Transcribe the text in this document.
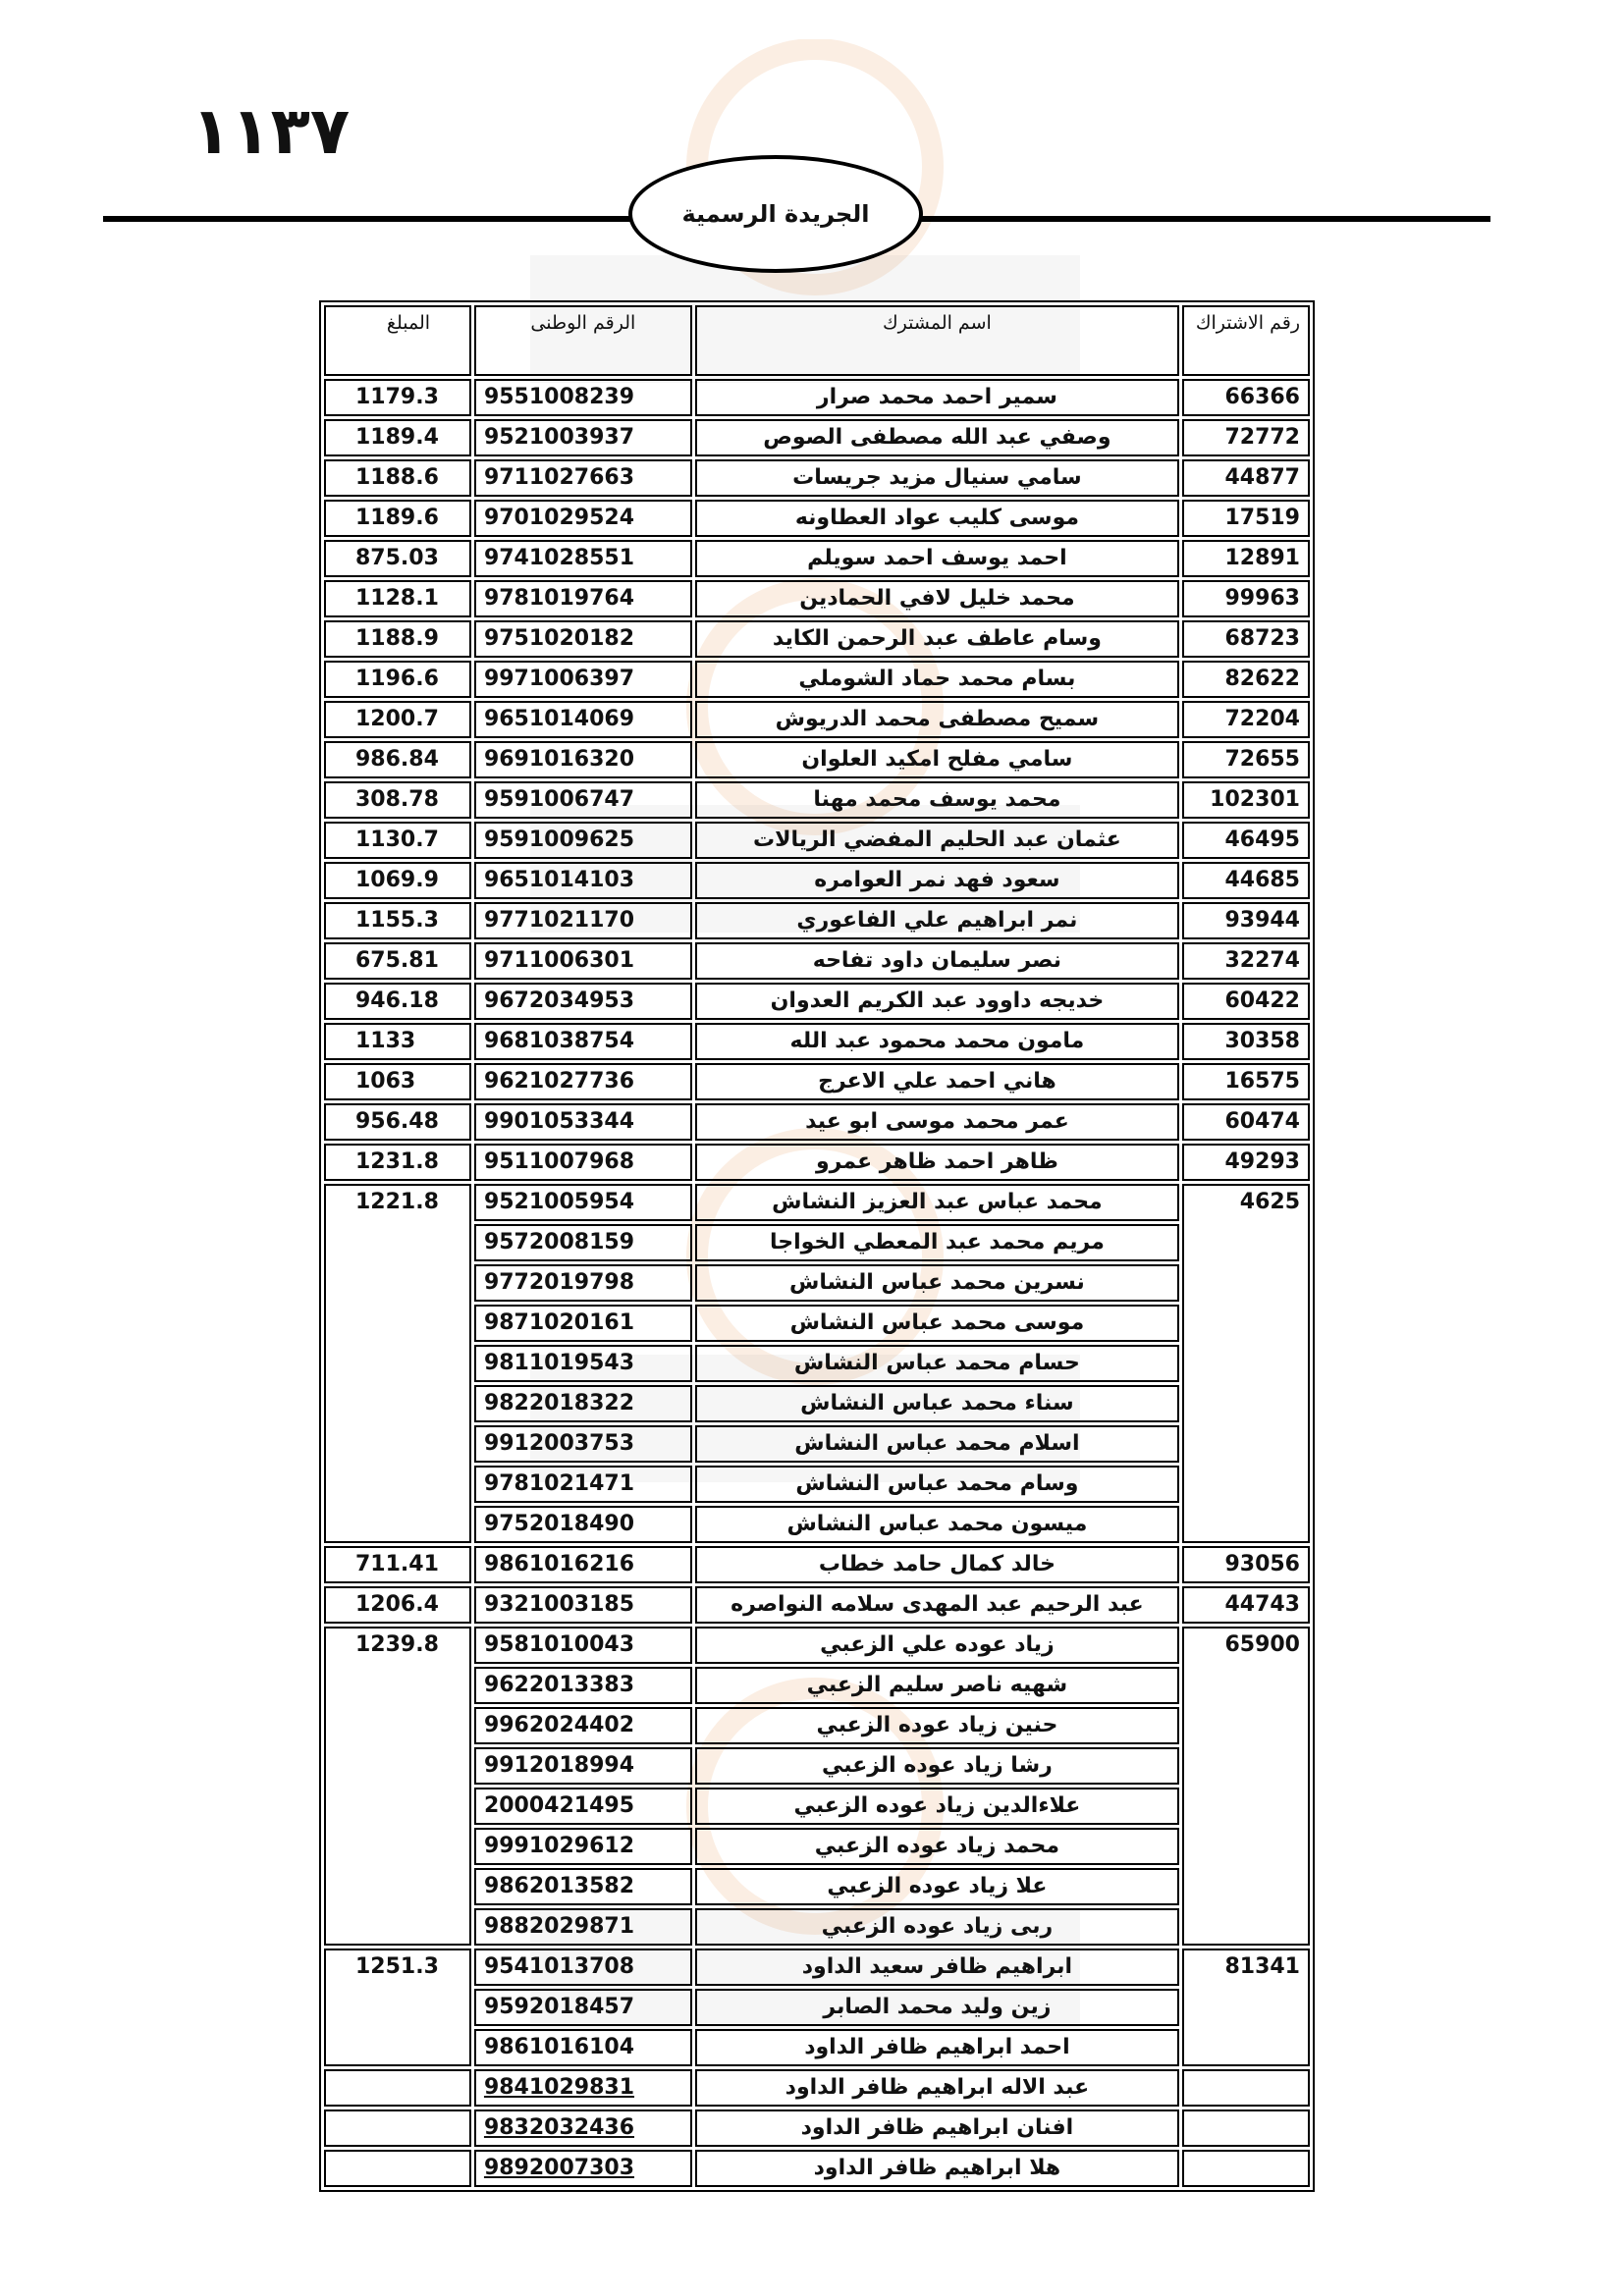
١١٣٧
الجريدة الرسمية
رقم الاشتراك	اسم المشترك	الرقم الوطنى	المبلغ
66366	سمير احمد محمد صرار	9551008239	1179.3
72772	وصفي عبد الله مصطفى الصوص	9521003937	1189.4
44877	سامي سنيال مزيد جريسات	9711027663	1188.6
17519	موسى كليب عواد العطاونه	9701029524	1189.6
12891	احمد يوسف احمد سويلم	9741028551	875.03
99963	محمد خليل لافي الحمادين	9781019764	1128.1
68723	وسام عاطف عبد الرحمن الكايد	9751020182	1188.9
82622	بسام محمد حماد الشوملي	9971006397	1196.6
72204	سميح مصطفى محمد الدريوش	9651014069	1200.7
72655	سامي مفلح امكيد العلوان	9691016320	986.84
102301	محمد يوسف محمد مهنا	9591006747	308.78
46495	عثمان عبد الحليم المفضي الريالات	9591009625	1130.7
44685	سعود فهد نمر العوامره	9651014103	1069.9
93944	نمر ابراهيم علي الفاعوري	9771021170	1155.3
32274	نصر سليمان داود تفاحه	9711006301	675.81
60422	خديجه داوود عبد الكريم العدوان	9672034953	946.18
30358	مامون محمد محمود عبد الله	9681038754	1133
16575	هاني احمد علي الاعرج	9621027736	1063
60474	عمر محمد موسى ابو عيد	9901053344	956.48
49293	ظاهر احمد ظاهر عمرو	9511007968	1231.8
4625	محمد عباس عبد العزيز النشاش	9521005954	1221.8
	مريم محمد عبد المعطي الخواجا	9572008159	
	نسرين محمد عباس النشاش	9772019798	
	موسى محمد عباس النشاش	9871020161	
	حسام محمد عباس النشاش	9811019543	
	سناء محمد عباس النشاش	9822018322	
	اسلام محمد عباس النشاش	9912003753	
	وسام محمد عباس النشاش	9781021471	
	ميسون محمد عباس النشاش	9752018490	
93056	خالد كمال حامد خطاب	9861016216	711.41
44743	عبد الرحيم عبد المهدى سلامه النواصره	9321003185	1206.4
65900	زياد عوده علي الزعبي	9581010043	1239.8
	شهيه ناصر سليم الزعبي	9622013383	
	حنين زياد عوده الزعبي	9962024402	
	رشا زياد عوده الزعبي	9912018994	
	علاءالدين زياد عوده الزعبي	2000421495	
	محمد زياد عوده الزعبي	9991029612	
	علا زياد عوده الزعبي	9862013582	
	ربى زياد عوده الزعبي	9882029871	
81341	ابراهيم ظافر سعيد الداود	9541013708	1251.3
	زين وليد محمد الصابر	9592018457	
	احمد ابراهيم ظافر الداود	9861016104	
	عبد الاله ابراهيم ظافر الداود	9841029831	
	افنان ابراهيم ظافر الداود	9832032436	
	هلا ابراهيم ظافر الداود	9892007303	
